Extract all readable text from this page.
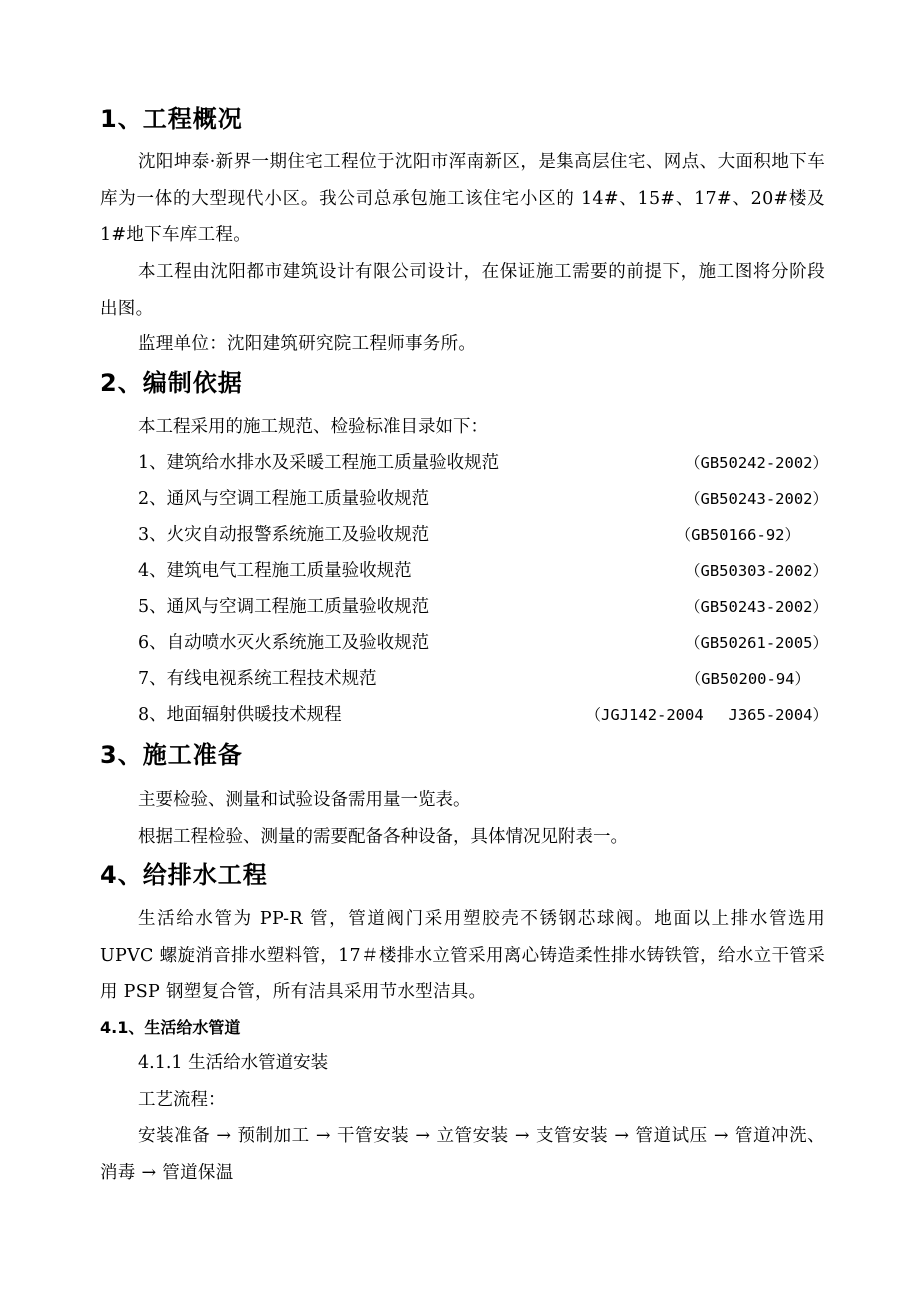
1、工程概况
沈阳坤泰·新界一期住宅工程位于沈阳市浑南新区，是集高层住宅、网点、大面积地下车库为一体的大型现代小区。我公司总承包施工该住宅小区的 14#、15#、17#、20#楼及 1#地下车库工程。
本工程由沈阳都市建筑设计有限公司设计，在保证施工需要的前提下，施工图将分阶段出图。
监理单位：沈阳建筑研究院工程师事务所。
2、编制依据
本工程采用的施工规范、检验标准目录如下：
1、建筑给水排水及采暖工程施工质量验收规范	（GB50242-2002）
2、通风与空调工程施工质量验收规范	（GB50243-2002）
3、火灾自动报警系统施工及验收规范	（GB50166-92）
4、建筑电气工程施工质量验收规范	（GB50303-2002）
5、通风与空调工程施工质量验收规范	（GB50243-2002）
6、自动喷水灭火系统施工及验收规范	（GB50261-2005）
7、有线电视系统工程技术规范	（GB50200-94）
8、地面辐射供暖技术规程	（JGJ142-2004　 J365-2004）
3、施工准备
主要检验、测量和试验设备需用量一览表。
根据工程检验、测量的需要配备各种设备，具体情况见附表一。
4、给排水工程
生活给水管为 PP-R 管，管道阀门采用塑胶壳不锈钢芯球阀。地面以上排水管选用 UPVC 螺旋消音排水塑料管，17＃楼排水立管采用离心铸造柔性排水铸铁管，给水立干管采用 PSP 钢塑复合管，所有洁具采用节水型洁具。
4.1、生活给水管道
4.1.1 生活给水管道安装
工艺流程：
安装准备 → 预制加工 → 干管安装 → 立管安装 → 支管安装 → 管道试压 → 管道冲洗、消毒 → 管道保温
